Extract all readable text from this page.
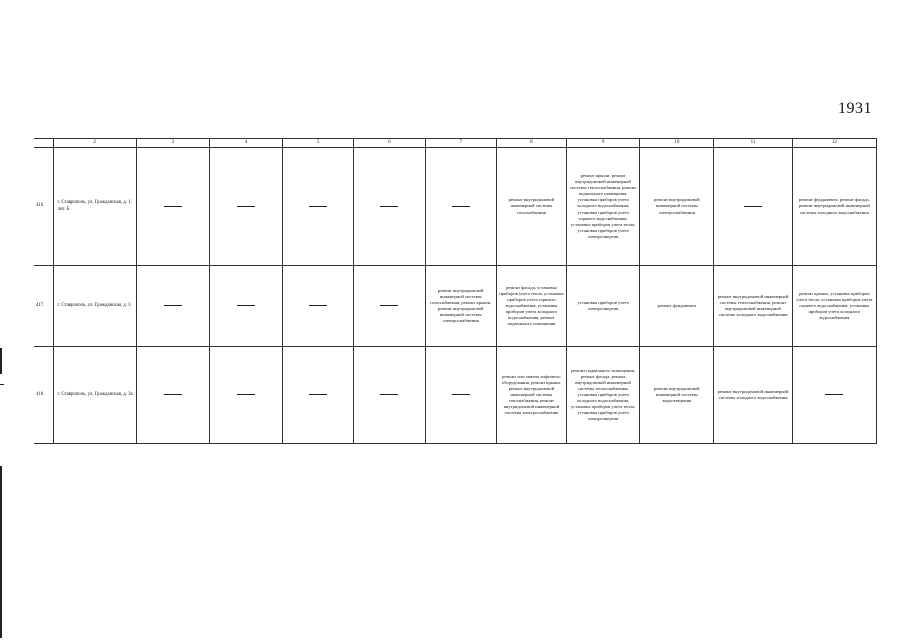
1931
	2	3	4	5	6	7	8	9	10	11	12
416.	г. Ставрополь, ул. Гражданская, д. 1, лит. Б						ремонт внутридомовой инженерной системы газоснабжения	ремонт крыши, ремонт внутридомовой инженерной системы теплоснабжения, ремонт подвального помещения, установка приборов учета холодного водоснабжения, установка приборов учета горячего водоснабжения, установка приборов учета тепла, установка приборов учета электроэнергии	ремонт внутридомовой инженерной системы электроснабжения		ремонт фундамента, ремонт фасада, ремонт внутридомовой инженерной системы холодного водоснабжения
417.	г. Ставрополь, ул. Гражданская, д. 3					ремонт внутридомовой инженерной системы газоснабжения, ремонт крыши, ремонт внутридомовой инженерной системы электроснабжения	ремонт фасада, установка приборов учета тепла, установка приборов учета горячего водоснабжения, установка приборов учета холодного водоснабжения, ремонт подвального помещения	установка приборов учета электроэнергии	ремонт фундамента	ремонт внутридомовой инженерной системы теплоснабжения, ремонт внутридомовой инженерной системы холодного водоснабжения	ремонт крыши, установка приборов учета тепла, установка приборов учета горячего водоснабжения, установка приборов учета холодного водоснабжения
418.	г. Ставрополь, ул. Гражданская, д. 3а						ремонт или замена лифтового оборудования, ремонт крыши, ремонт внутридомовой инженерной системы газоснабжения, ремонт внутридомовой инженерной системы электроснабжения	ремонт подвального помещения, ремонт фасада, ремонт внутридомовой инженерной системы теплоснабжения, установка приборов учета холодного водоснабжения, установка приборов учета тепла, установка приборов учета электроэнергии	ремонт внутридомовой инженерной системы водоотведения	ремонт внутридомовой инженерной системы холодного водоснабжения	
